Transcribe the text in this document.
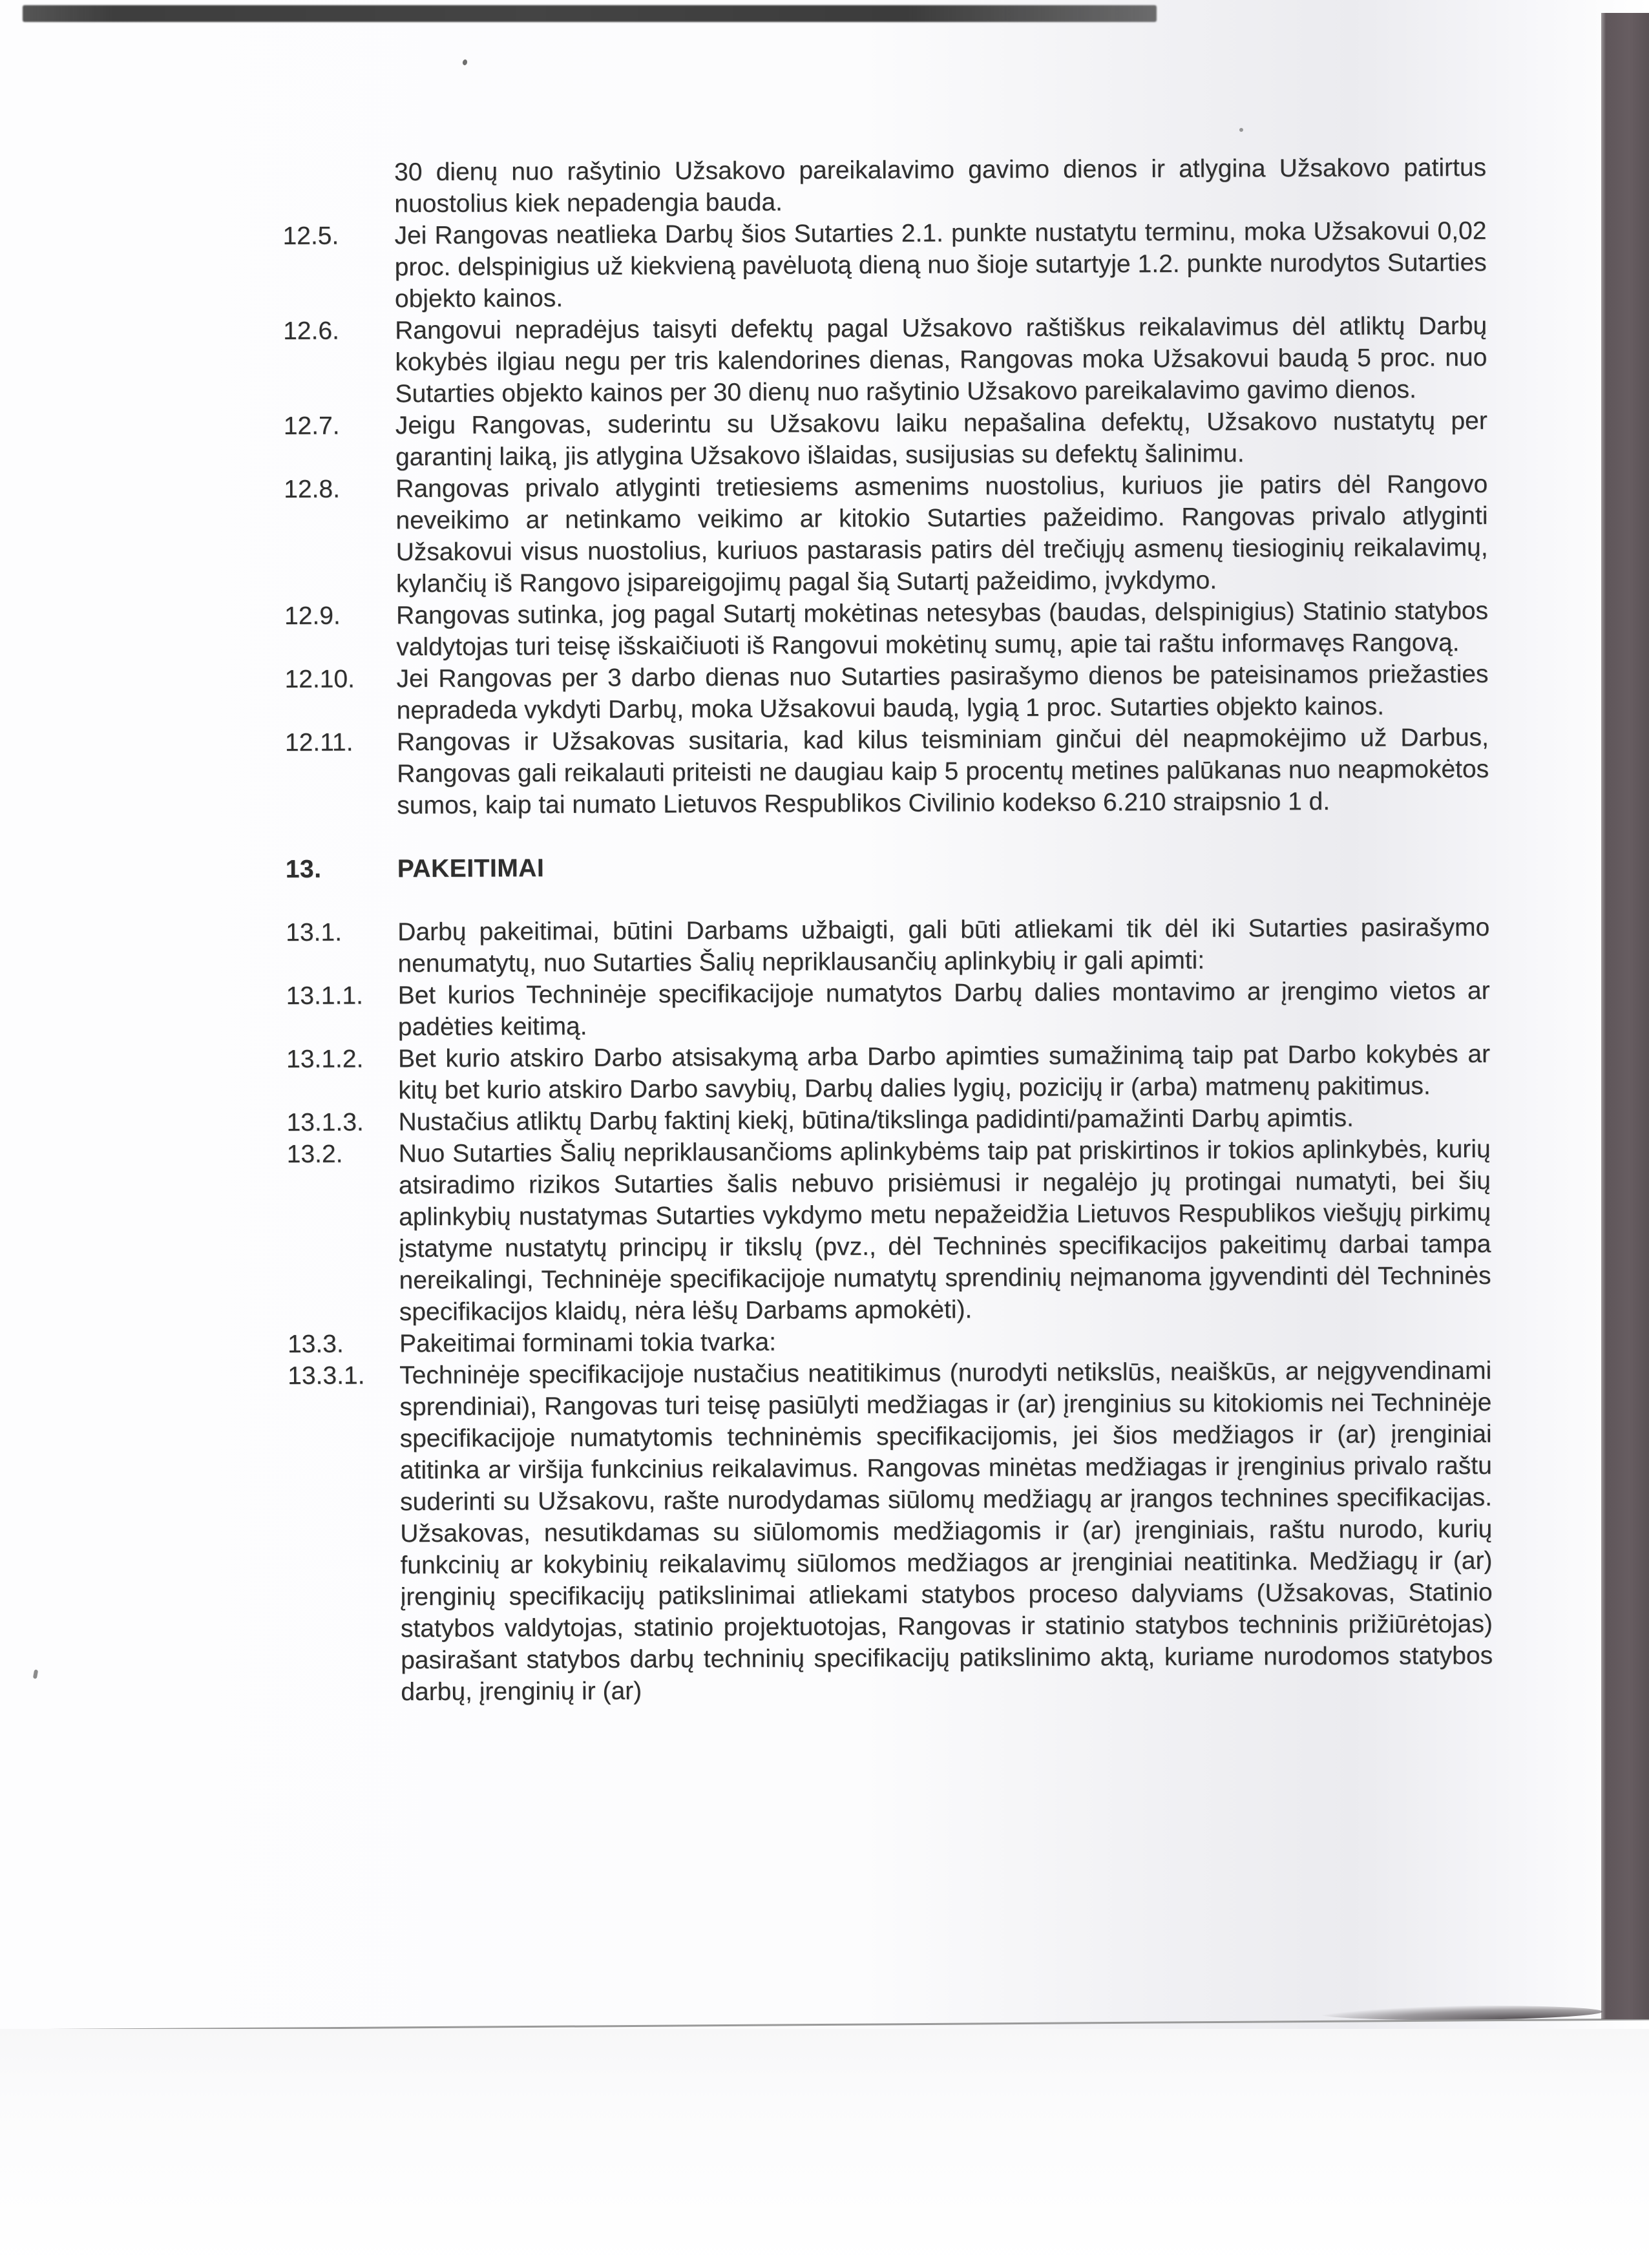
30 dienų nuo rašytinio Užsakovo pareikalavimo gavimo dienos ir atlygina Užsakovo patirtus nuostolius kiek nepadengia bauda.
12.5.	Jei Rangovas neatlieka Darbų šios Sutarties 2.1. punkte nustatytu terminu, moka Užsakovui 0,02 proc. delspinigius už kiekvieną pavėluotą dieną nuo šioje sutartyje 1.2. punkte nurodytos Sutarties objekto kainos.
12.6.	Rangovui nepradėjus taisyti defektų pagal Užsakovo raštiškus reikalavimus dėl atliktų Darbų kokybės ilgiau negu per tris kalendorines dienas, Rangovas moka Užsakovui baudą 5 proc. nuo Sutarties objekto kainos per 30 dienų nuo rašytinio Užsakovo pareikalavimo gavimo dienos.
12.7.	Jeigu Rangovas, suderintu su Užsakovu laiku nepašalina defektų, Užsakovo nustatytų per garantinį laiką, jis atlygina Užsakovo išlaidas, susijusias su defektų šalinimu.
12.8.	Rangovas privalo atlyginti tretiesiems asmenims nuostolius, kuriuos jie patirs dėl Rangovo neveikimo ar netinkamo veikimo ar kitokio Sutarties pažeidimo. Rangovas privalo atlyginti Užsakovui visus nuostolius, kuriuos pastarasis patirs dėl trečiųjų asmenų tiesioginių reikalavimų, kylančių iš Rangovo įsipareigojimų pagal šią Sutartį pažeidimo, įvykdymo.
12.9.	Rangovas sutinka, jog pagal Sutartį mokėtinas netesybas (baudas, delspinigius) Statinio statybos valdytojas turi teisę išskaičiuoti iš Rangovui mokėtinų sumų, apie tai raštu informavęs Rangovą.
12.10.	Jei Rangovas per 3 darbo dienas nuo Sutarties pasirašymo dienos be pateisinamos priežasties nepradeda vykdyti Darbų, moka Užsakovui baudą, lygią 1 proc. Sutarties objekto kainos.
12.11.	Rangovas ir Užsakovas susitaria, kad kilus teisminiam ginčui dėl neapmokėjimo už Darbus, Rangovas gali reikalauti priteisti ne daugiau kaip 5 procentų metines palūkanas nuo neapmokėtos sumos, kaip tai numato Lietuvos Respublikos Civilinio kodekso 6.210 straipsnio 1 d.
13.	PAKEITIMAI
13.1.	Darbų pakeitimai, būtini Darbams užbaigti, gali būti atliekami tik dėl iki Sutarties pasirašymo nenumatytų, nuo Sutarties Šalių nepriklausančių aplinkybių ir gali apimti:
13.1.1.	Bet kurios Techninėje specifikacijoje numatytos Darbų dalies montavimo ar įrengimo vietos ar padėties keitimą.
13.1.2.	Bet kurio atskiro Darbo atsisakymą arba Darbo apimties sumažinimą taip pat Darbo kokybės ar kitų bet kurio atskiro Darbo savybių, Darbų dalies lygių, pozicijų ir (arba) matmenų pakitimus.
13.1.3.	Nustačius atliktų Darbų faktinį kiekį, būtina/tikslinga padidinti/pamažinti Darbų apimtis.
13.2.	Nuo Sutarties Šalių nepriklausančioms aplinkybėms taip pat priskirtinos ir tokios aplinkybės, kurių atsiradimo rizikos Sutarties šalis nebuvo prisiėmusi ir negalėjo jų protingai numatyti, bei šių aplinkybių nustatymas Sutarties vykdymo metu nepažeidžia Lietuvos Respublikos viešųjų pirkimų įstatyme nustatytų principų ir tikslų (pvz., dėl Techninės specifikacijos pakeitimų darbai tampa nereikalingi, Techninėje specifikacijoje numatytų sprendinių neįmanoma įgyvendinti dėl Techninės specifikacijos klaidų, nėra lėšų Darbams apmokėti).
13.3.	Pakeitimai forminami tokia tvarka:
13.3.1.	Techninėje specifikacijoje nustačius neatitikimus (nurodyti netikslūs, neaiškūs, ar neįgyvendinami sprendiniai), Rangovas turi teisę pasiūlyti medžiagas ir (ar) įrenginius su kitokiomis nei Techninėje specifikacijoje numatytomis techninėmis specifikacijomis, jei šios medžiagos ir (ar) įrenginiai atitinka ar viršija funkcinius reikalavimus. Rangovas minėtas medžiagas ir įrenginius privalo raštu suderinti su Užsakovu, rašte nurodydamas siūlomų medžiagų ar įrangos technines specifikacijas. Užsakovas, nesutikdamas su siūlomomis medžiagomis ir (ar) įrenginiais, raštu nurodo, kurių funkcinių ar kokybinių reikalavimų siūlomos medžiagos ar įrenginiai neatitinka. Medžiagų ir (ar) įrenginių specifikacijų patikslinimai atliekami statybos proceso dalyviams (Užsakovas, Statinio statybos valdytojas, statinio projektuotojas, Rangovas ir statinio statybos techninis prižiūrėtojas) pasirašant statybos darbų techninių specifikacijų patikslinimo aktą, kuriame nurodomos statybos darbų, įrenginių ir (ar)
